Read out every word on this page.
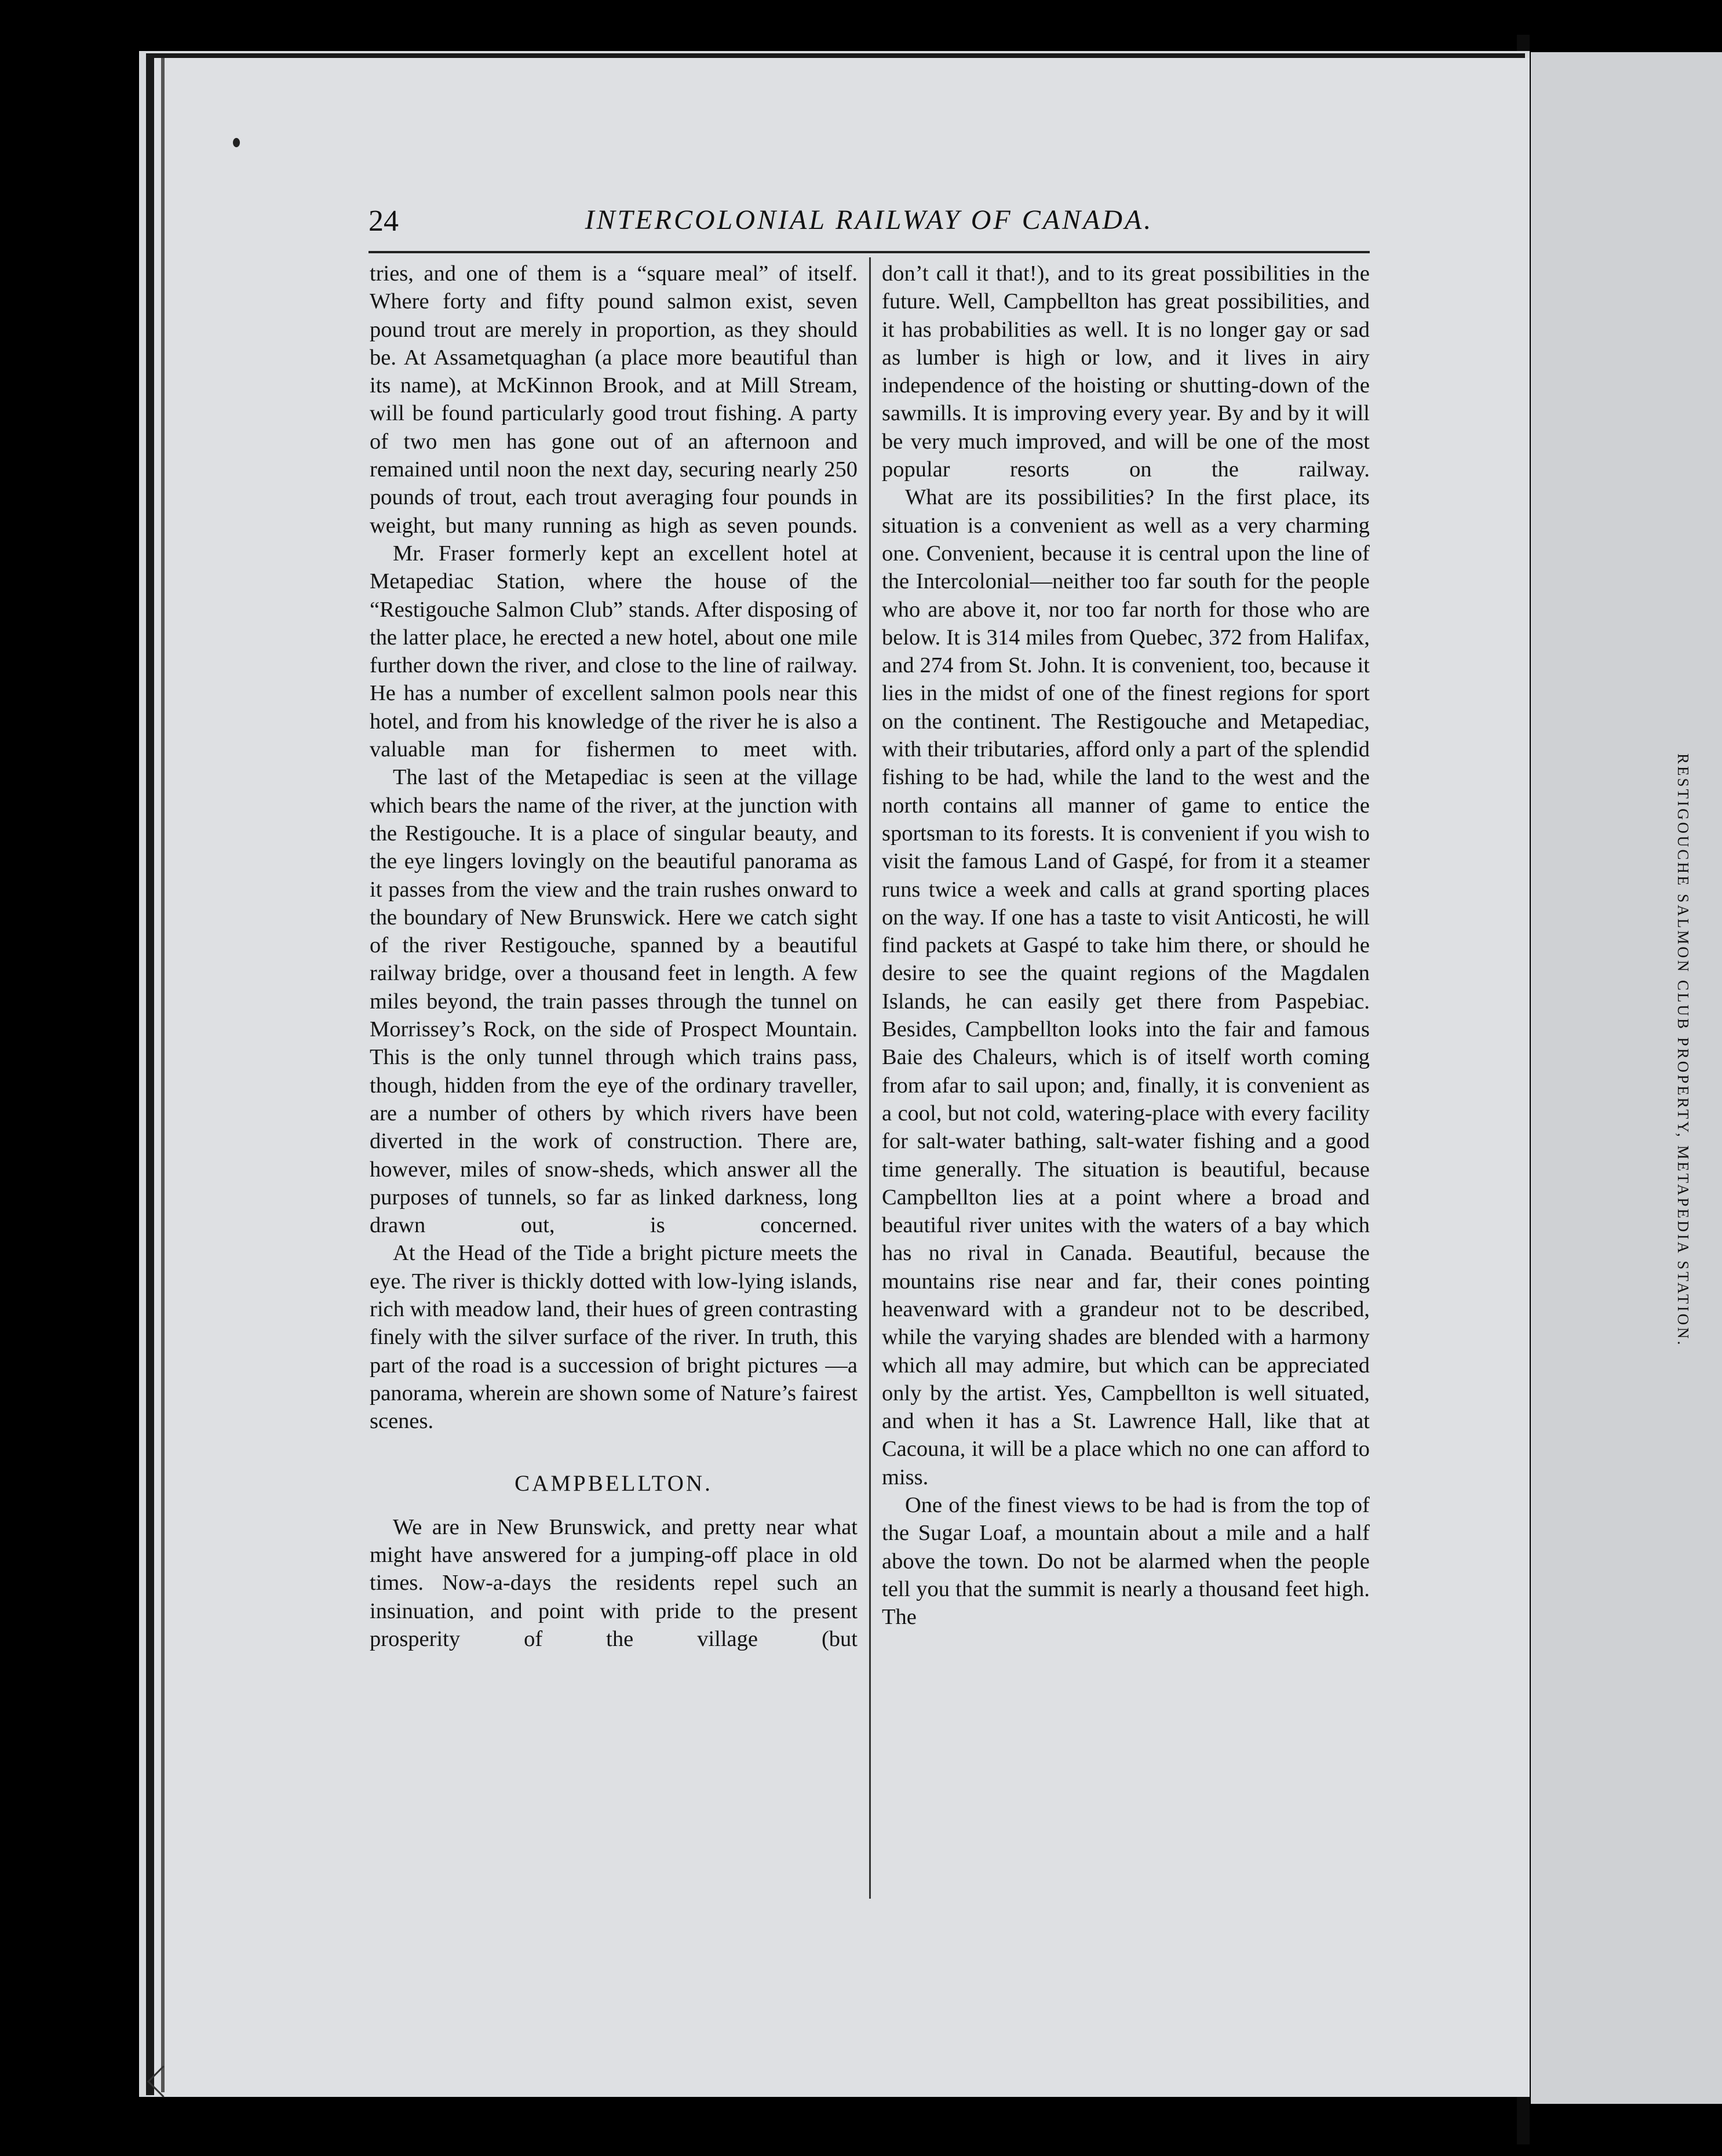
24	INTERCOLONIAL RAILWAY OF CANADA.

tries, and one of them is a “square meal” of itself. Where forty and fifty pound salmon exist, seven pound trout are merely in proportion, as they should be. At Assametquaghan (a place more beautiful than its name), at McKinnon Brook, and at Mill Stream, will be found particularly good trout fishing. A party of two men has gone out of an afternoon and remained until noon the next day, securing nearly 250 pounds of trout, each trout averaging four pounds in weight, but many running as high as seven pounds.

Mr. Fraser formerly kept an excellent hotel at Metapediac Station, where the house of the “Restigouche Salmon Club” stands. After disposing of the latter place, he erected a new hotel, about one mile further down the river, and close to the line of railway. He has a number of excellent salmon pools near this hotel, and from his knowledge of the river he is also a valuable man for fishermen to meet with.

The last of the Metapediac is seen at the village which bears the name of the river, at the junction with the Restigouche. It is a place of singular beauty, and the eye lingers lovingly on the beautiful panorama as it passes from the view and the train rushes onward to the boundary of New Brunswick. Here we catch sight of the river Restigouche, spanned by a beautiful railway bridge, over a thousand feet in length. A few miles beyond, the train passes through the tunnel on Morrissey’s Rock, on the side of Prospect Mountain. This is the only tunnel through which trains pass, though, hidden from the eye of the ordinary traveller, are a number of others by which rivers have been diverted in the work of construction. There are, however, miles of snow-sheds, which answer all the purposes of tunnels, so far as linked darkness, long drawn out, is concerned.

At the Head of the Tide a bright picture meets the eye. The river is thickly dotted with low-lying islands, rich with meadow land, their hues of green contrasting finely with the silver surface of the river. In truth, this part of the road is a succession of bright pictures —a panorama, wherein are shown some of Nature’s fairest scenes.

CAMPBELLTON.

We are in New Brunswick, and pretty near what might have answered for a jumping-off place in old times. Now-a-days the residents repel such an insinuation, and point with pride to the present prosperity of the village (but

don’t call it that!), and to its great possibilities in the future. Well, Campbellton has great possibilities, and it has probabilities as well. It is no longer gay or sad as lumber is high or low, and it lives in airy independence of the hoisting or shutting-down of the sawmills. It is improving every year. By and by it will be very much improved, and will be one of the most popular resorts on the railway.

What are its possibilities? In the first place, its situation is a convenient as well as a very charming one. Convenient, because it is central upon the line of the Intercolonial—neither too far south for the people who are above it, nor too far north for those who are below. It is 314 miles from Quebec, 372 from Halifax, and 274 from St. John. It is convenient, too, because it lies in the midst of one of the finest regions for sport on the continent. The Restigouche and Metapediac, with their tributaries, afford only a part of the splendid fishing to be had, while the land to the west and the north contains all manner of game to entice the sportsman to its forests. It is convenient if you wish to visit the famous Land of Gaspé, for from it a steamer runs twice a week and calls at grand sporting places on the way. If one has a taste to visit Anticosti, he will find packets at Gaspé to take him there, or should he desire to see the quaint regions of the Magdalen Islands, he can easily get there from Paspebiac. Besides, Campbellton looks into the fair and famous Baie des Chaleurs, which is of itself worth coming from afar to sail upon; and, finally, it is convenient as a cool, but not cold, watering-place with every facility for salt-water bathing, salt-water fishing and a good time generally. The situation is beautiful, because Campbellton lies at a point where a broad and beautiful river unites with the waters of a bay which has no rival in Canada. Beautiful, because the mountains rise near and far, their cones pointing heavenward with a grandeur not to be described, while the varying shades are blended with a harmony which all may admire, but which can be appreciated only by the artist. Yes, Campbellton is well situated, and when it has a St. Lawrence Hall, like that at Cacouna, it will be a place which no one can afford to miss.

One of the finest views to be had is from the top of the Sugar Loaf, a mountain about a mile and a half above the town. Do not be alarmed when the people tell you that the summit is nearly a thousand feet high. The

RESTIGOUCHE SALMON CLUB PROPERTY, METAPEDIA STATION.
